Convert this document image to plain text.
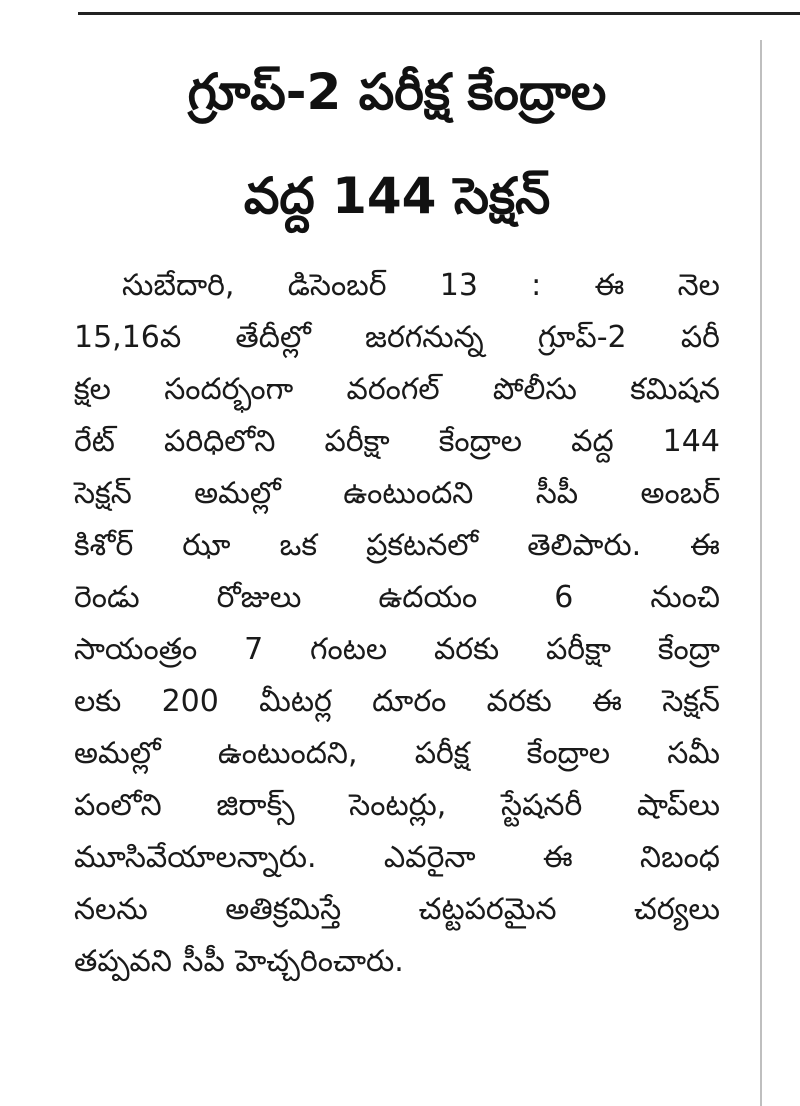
గ్రూప్-2 పరీక్ష కేంద్రాల
వద్ద 144 సెక్షన్
సుబేదారి, డిసెంబర్ 13 : ఈ నెల
15,16వ తేదీల్లో జరగనున్న గ్రూప్-2 పరీ
క్షల సందర్భంగా వరంగల్ పోలీసు కమిషన
రేట్ పరిధిలోని పరీక్షా కేంద్రాల వద్ద 144
సెక్షన్ అమల్లో ఉంటుందని సీపీ అంబర్
కిశోర్ ఝా ఒక ప్రకటనలో తెలిపారు. ఈ
రెండు	రోజులు	ఉదయం	6	నుంచి
సాయంత్రం 7 గంటల వరకు పరీక్షా కేంద్రా
లకు 200 మీటర్ల దూరం వరకు ఈ సెక్షన్
అమల్లో ఉంటుందని, పరీక్ష కేంద్రాల సమీ
పంలోని జిరాక్స్ సెంటర్లు, స్టేషనరీ షాప్‌లు
మూసివేయాలన్నారు. ఎవరైనా ఈ నిబంధ
నలను	అతిక్రమిస్తే	చట్టపరమైన	చర్యలు
తప్పవని సీపీ హెచ్చరించారు.
